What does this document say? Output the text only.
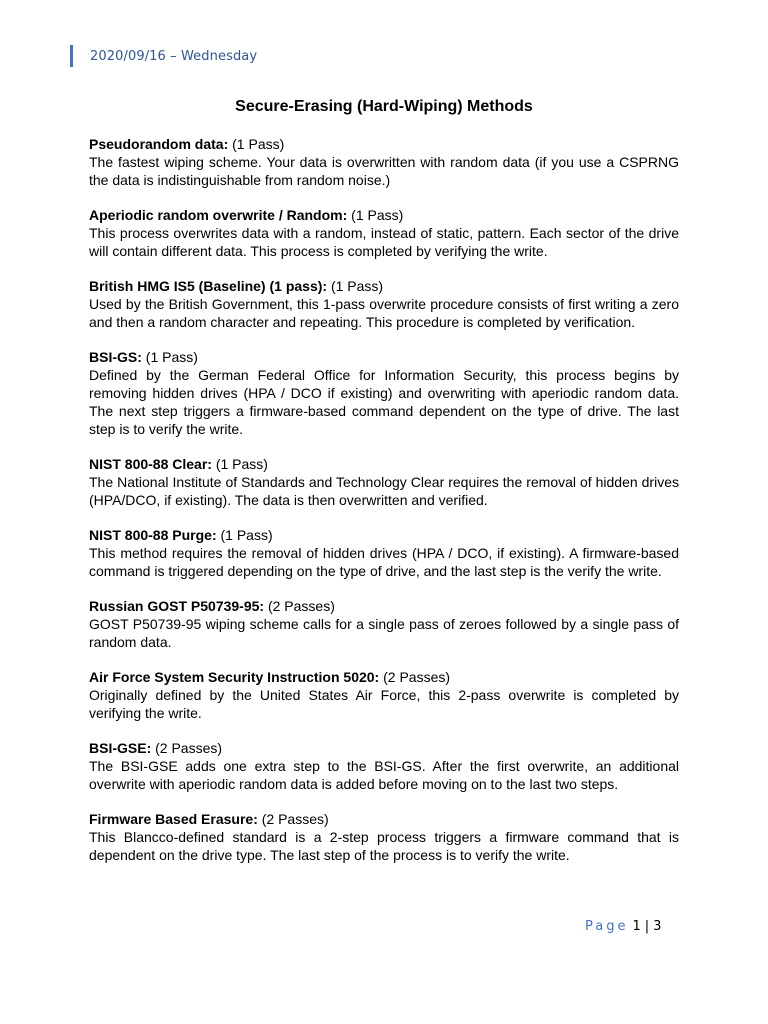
2020/09/16 – Wednesday
Secure-Erasing (Hard-Wiping) Methods
Pseudorandom data: (1 Pass)
The fastest wiping scheme. Your data is overwritten with random data (if you use a CSPRNG the data is indistinguishable from random noise.)
Aperiodic random overwrite / Random: (1 Pass)
This process overwrites data with a random, instead of static, pattern. Each sector of the drive will contain different data. This process is completed by verifying the write.
British HMG IS5 (Baseline) (1 pass): (1 Pass)
Used by the British Government, this 1-pass overwrite procedure consists of first writing a zero and then a random character and repeating. This procedure is completed by verification.
BSI-GS: (1 Pass)
Defined by the German Federal Office for Information Security, this process begins by removing hidden drives (HPA / DCO if existing) and overwriting with aperiodic random data. The next step triggers a firmware-based command dependent on the type of drive. The last step is to verify the write.
NIST 800-88 Clear: (1 Pass)
The National Institute of Standards and Technology Clear requires the removal of hidden drives (HPA/DCO, if existing). The data is then overwritten and verified.
NIST 800-88 Purge: (1 Pass)
This method requires the removal of hidden drives (HPA / DCO, if existing). A firmware-based command is triggered depending on the type of drive, and the last step is the verify the write.
Russian GOST P50739-95: (2 Passes)
GOST P50739-95 wiping scheme calls for a single pass of zeroes followed by a single pass of random data.
Air Force System Security Instruction 5020: (2 Passes)
Originally defined by the United States Air Force, this 2-pass overwrite is completed by verifying the write.
BSI-GSE: (2 Passes)
The BSI-GSE adds one extra step to the BSI-GS. After the first overwrite, an additional overwrite with aperiodic random data is added before moving on to the last two steps.
Firmware Based Erasure: (2 Passes)
This Blancco-defined standard is a 2-step process triggers a firmware command that is dependent on the drive type. The last step of the process is to verify the write.
Page 1 | 3
